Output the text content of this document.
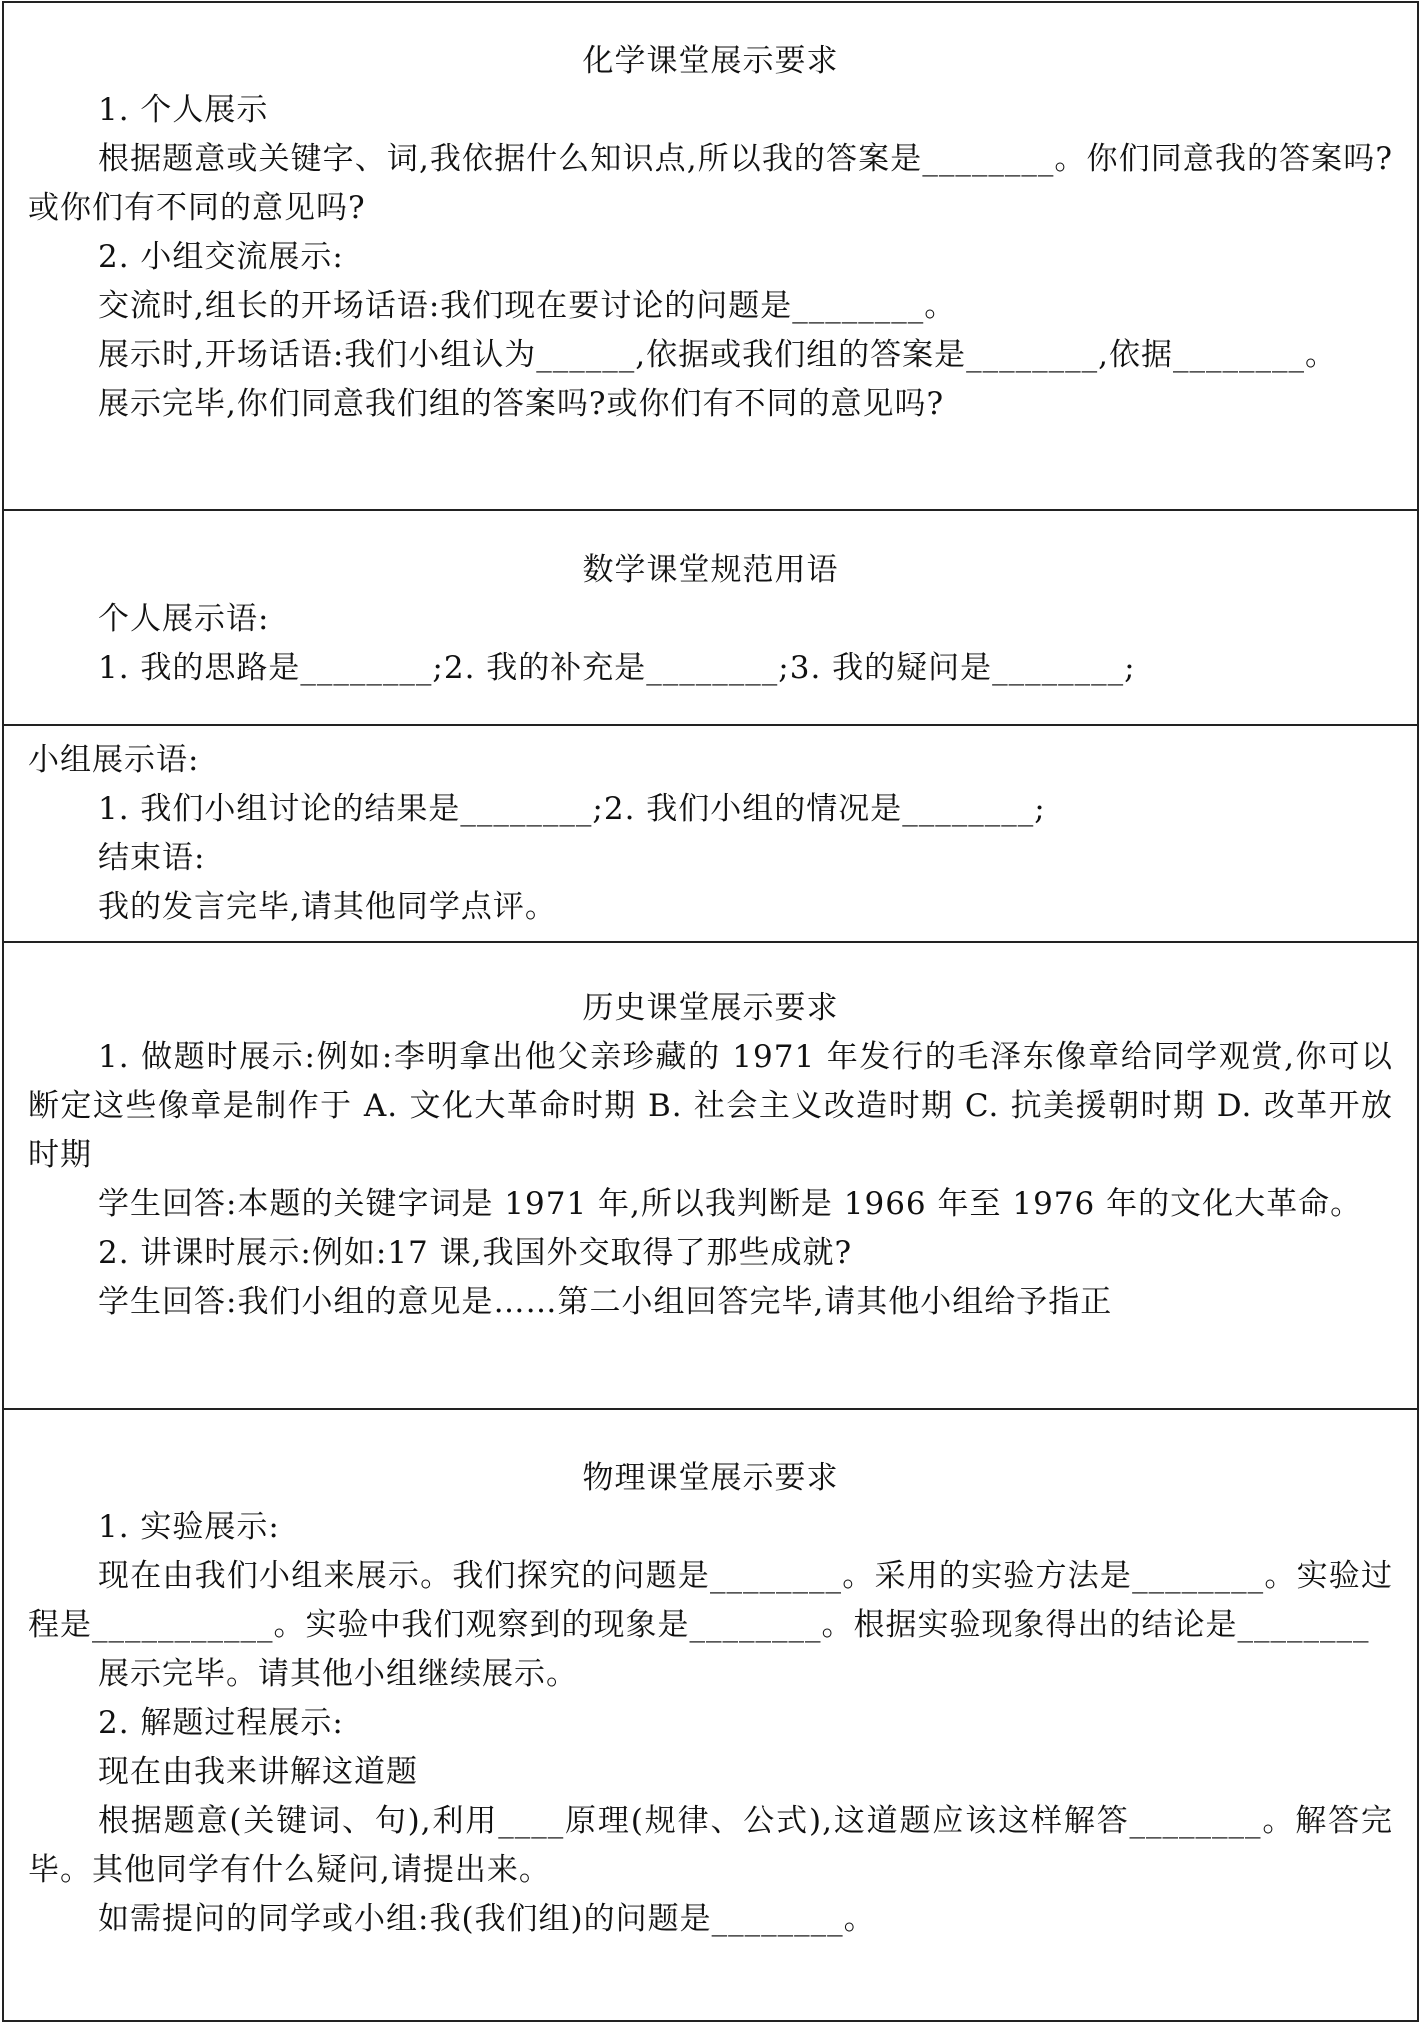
化学课堂展示要求
1. 个人展示
根据题意或关键字、词,我依据什么知识点,所以我的答案是________。你们同意我的答案吗?或你们有不同的意见吗?
2. 小组交流展示:
交流时,组长的开场话语:我们现在要讨论的问题是________。
展示时,开场话语:我们小组认为______,依据或我们组的答案是________,依据________。
展示完毕,你们同意我们组的答案吗?或你们有不同的意见吗?
数学课堂规范用语
个人展示语:
1. 我的思路是________;2. 我的补充是________;3. 我的疑问是________;
小组展示语:
1. 我们小组讨论的结果是________;2. 我们小组的情况是________;
结束语:
我的发言完毕,请其他同学点评。
历史课堂展示要求
1. 做题时展示:例如:李明拿出他父亲珍藏的 1971 年发行的毛泽东像章给同学观赏,你可以断定这些像章是制作于 A. 文化大革命时期 B. 社会主义改造时期 C. 抗美援朝时期 D. 改革开放时期
学生回答:本题的关键字词是 1971 年,所以我判断是 1966 年至 1976 年的文化大革命。
2. 讲课时展示:例如:17 课,我国外交取得了那些成就?
学生回答:我们小组的意见是……第二小组回答完毕,请其他小组给予指正
物理课堂展示要求
1. 实验展示:
现在由我们小组来展示。我们探究的问题是________。采用的实验方法是________。实验过程是___________。实验中我们观察到的现象是________。根据实验现象得出的结论是________
展示完毕。请其他小组继续展示。
2. 解题过程展示:
现在由我来讲解这道题
根据题意(关键词、句),利用____原理(规律、公式),这道题应该这样解答________。解答完毕。其他同学有什么疑问,请提出来。
如需提问的同学或小组:我(我们组)的问题是________。
